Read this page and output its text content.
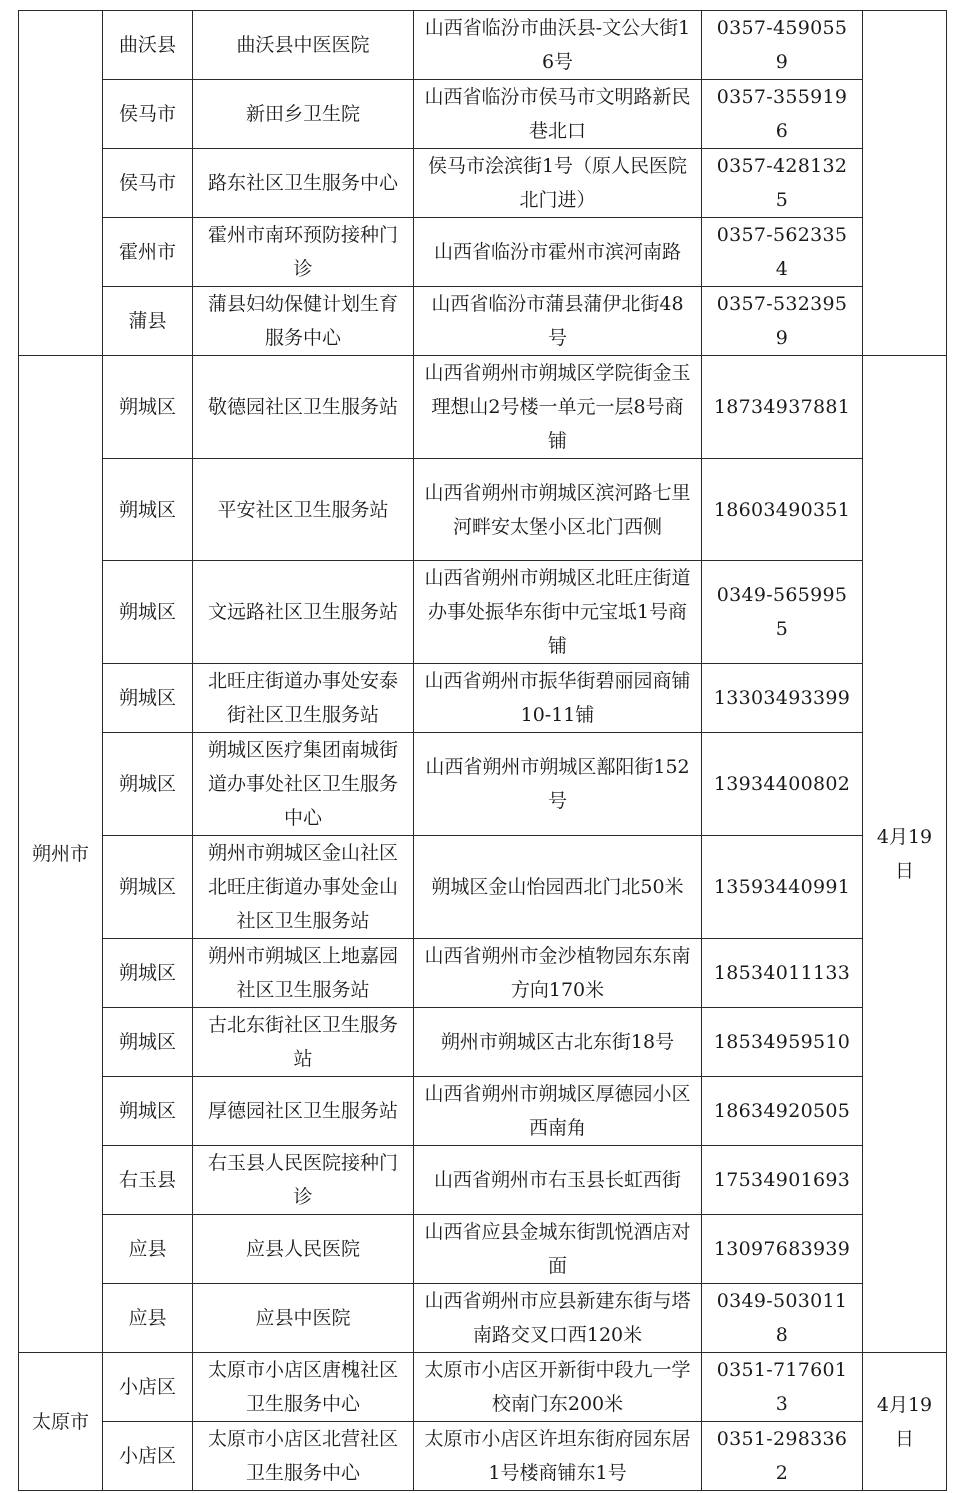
	曲沃县	曲沃县中医医院	山西省临汾市曲沃县-文公大街16号	0357-4590559	
	侯马市	新田乡卫生院	山西省临汾市侯马市文明路新民巷北口	0357-3559196	
	侯马市	路东社区卫生服务中心	侯马市浍滨街1号（原人民医院北门进）	0357-4281325	
	霍州市	霍州市南环预防接种门诊	山西省临汾市霍州市滨河南路	0357-5623354	
	蒲县	蒲县妇幼保健计划生育服务中心	山西省临汾市蒲县蒲伊北街48号	0357-5323959	
朔州市	朔城区	敬德园社区卫生服务站	山西省朔州市朔城区学院街金玉理想山2号楼一单元一层8号商铺	18734937881	4月19日
	朔城区	平安社区卫生服务站	山西省朔州市朔城区滨河路七里河畔安太堡小区北门西侧	18603490351	
	朔城区	文远路社区卫生服务站	山西省朔州市朔城区北旺庄街道办事处振华东街中元宝坻1号商铺	0349-5659955	
	朔城区	北旺庄街道办事处安泰街社区卫生服务站	山西省朔州市振华街碧丽园商铺10-11铺	13303493399	
	朔城区	朔城区医疗集团南城街道办事处社区卫生服务中心	山西省朔州市朔城区鄯阳街152号	13934400802	
	朔城区	朔州市朔城区金山社区北旺庄街道办事处金山社区卫生服务站	朔城区金山怡园西北门北50米	13593440991	
	朔城区	朔州市朔城区上地嘉园社区卫生服务站	山西省朔州市金沙植物园东东南方向170米	18534011133	
	朔城区	古北东街社区卫生服务站	朔州市朔城区古北东街18号	18534959510	
	朔城区	厚德园社区卫生服务站	山西省朔州市朔城区厚德园小区西南角	18634920505	
	右玉县	右玉县人民医院接种门诊	山西省朔州市右玉县长虹西街	17534901693	
	应县	应县人民医院	山西省应县金城东街凯悦酒店对面	13097683939	
	应县	应县中医院	山西省朔州市应县新建东街与塔南路交叉口西120米	0349-5030118	
太原市	小店区	太原市小店区唐槐社区卫生服务中心	太原市小店区开新街中段九一学校南门东200米	0351-7176013	4月19日
	小店区	太原市小店区北营社区卫生服务中心	太原市小店区许坦东街府园东居1号楼商铺东1号	0351-2983362	
